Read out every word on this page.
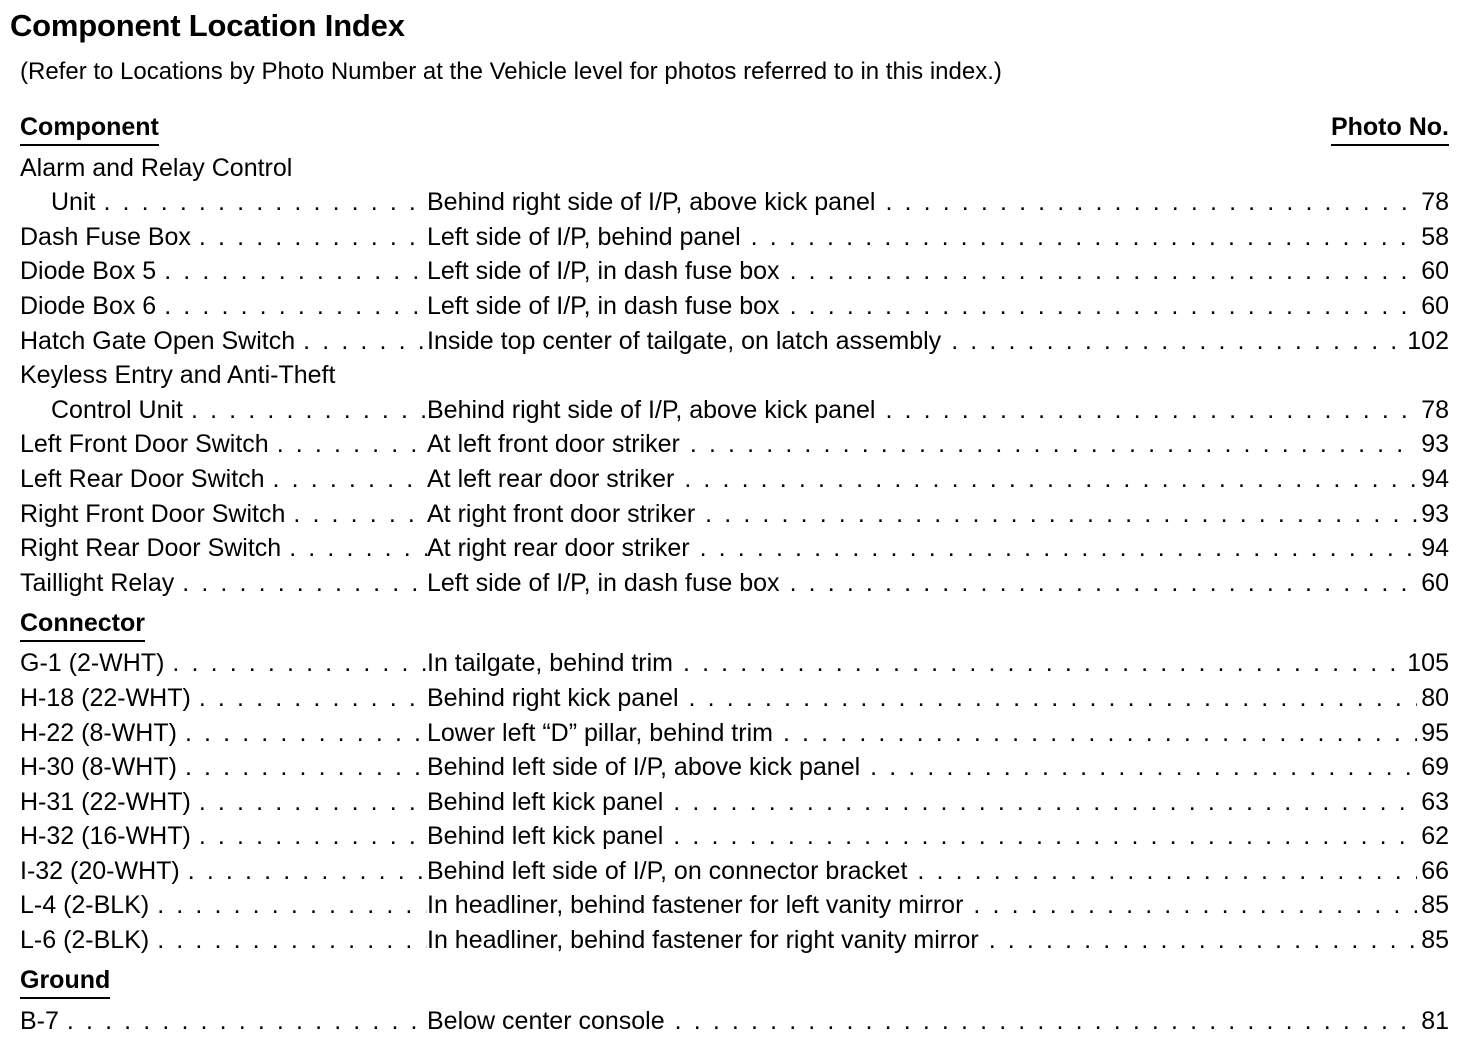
Component Location Index
(Refer to Locations by Photo Number at the Vehicle level for photos referred to in this index.)
Component	Photo No.
Alarm and Relay Control
Unit . . .	Behind right side of I/P, above kick panel . . .	78
Dash Fuse Box . . .	Left side of I/P, behind panel . . .	58
Diode Box 5 . . .	Left side of I/P, in dash fuse box . . .	60
Diode Box 6 . . .	Left side of I/P, in dash fuse box . . .	60
Hatch Gate Open Switch . . .	Inside top center of tailgate, on latch assembly . . .	102
Keyless Entry and Anti-Theft
Control Unit . . .	Behind right side of I/P, above kick panel . . .	78
Left Front Door Switch . . .	At left front door striker . . .	93
Left Rear Door Switch . . .	At left rear door striker . . .	94
Right Front Door Switch . . .	At right front door striker . . .	93
Right Rear Door Switch . . .	At right rear door striker . . .	94
Taillight Relay . . .	Left side of I/P, in dash fuse box . . .	60
Connector
G-1 (2-WHT) . . .	In tailgate, behind trim . . .	105
H-18 (22-WHT) . . .	Behind right kick panel . . .	80
H-22 (8-WHT) . . .	Lower left “D” pillar, behind trim . . .	95
H-30 (8-WHT) . . .	Behind left side of I/P, above kick panel . . .	69
H-31 (22-WHT) . . .	Behind left kick panel . . .	63
H-32 (16-WHT) . . .	Behind left kick panel . . .	62
I-32 (20-WHT) . . .	Behind left side of I/P, on connector bracket . . .	66
L-4 (2-BLK) . . .	In headliner, behind fastener for left vanity mirror . . .	85
L-6 (2-BLK) . . .	In headliner, behind fastener for right vanity mirror . . .	85
Ground
B-7 . . .	Below center console . . .	81
